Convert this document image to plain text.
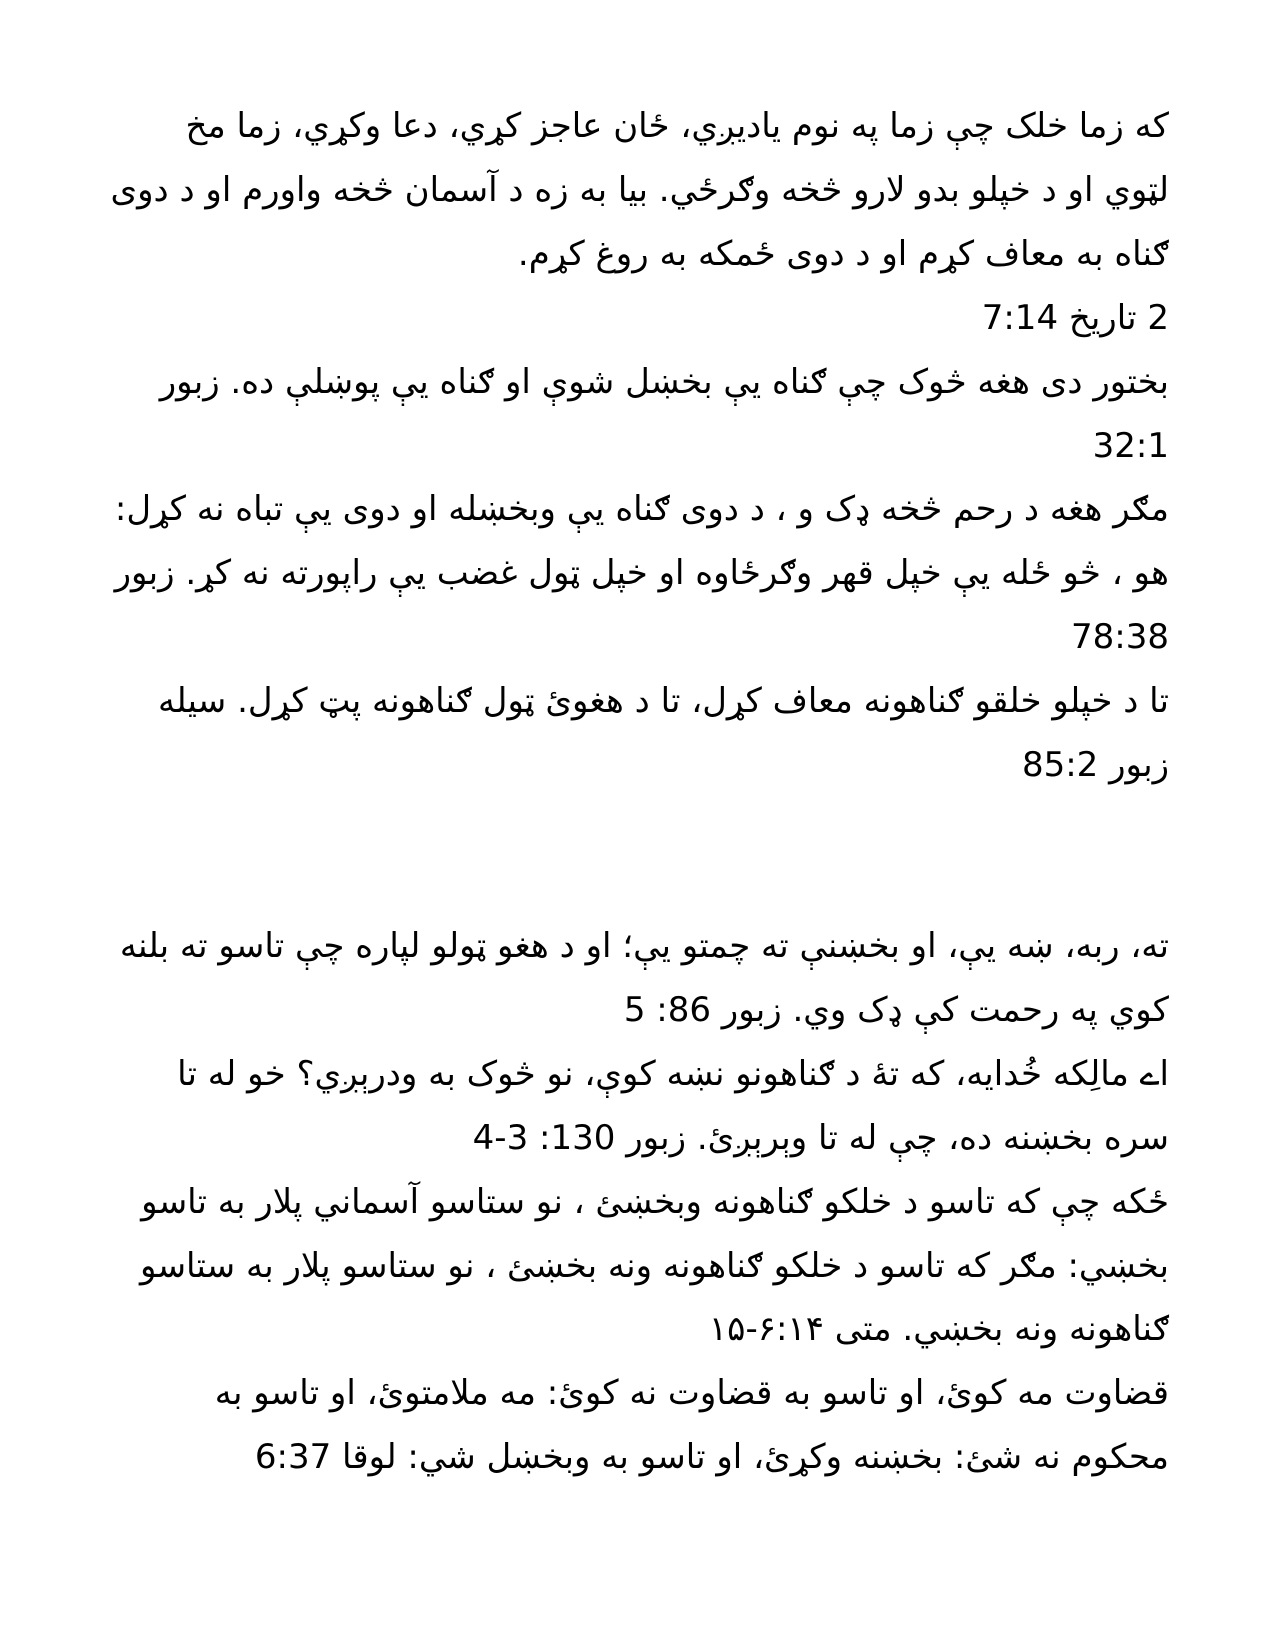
که زما خلک چې زما په نوم یادیږي، ځان عاجز کړي، دعا وکړي، زما مخ لټوي او د خپلو بدو لارو څخه وګرځي. بیا به زه د آسمان څخه واورم او د دوی ګناه به معاف کړم او د دوی ځمکه به روغ کړم.

2 تاریخ 7:14

بختور دی هغه څوک چې ګناه یې بخښل شوې او ګناه یې پوښلې ده. زبور 32:1

مګر هغه د رحم څخه ډک و ، د دوی ګناه یې وبخښله او دوی یې تباه نه کړل: هو ، څو ځله یې خپل قهر وګرځاوه او خپل ټول غضب یې راپورته نه کړ. زبور 78:38

تا د خپلو خلقو ګناهونه معاف کړل، تا د هغوئ ټول ګناهونه پټ کړل. سیله زبور 85:2

ته، ربه، ښه یې، او بخښنې ته چمتو یې؛ او د هغو ټولو لپاره چې تاسو ته بلنه کوي په رحمت کې ډک وي. زبور 86: 5

اے مالِکه خُدایه، که تهٔ د ګناهونو نښه کوې، نو څوک به ودرېږي؟ خو له تا سره بخښنه ده، چې له تا وېرېږئ. زبور 130: 3-4

ځکه چې که تاسو د خلکو ګناهونه وبخښئ ، نو ستاسو آسماني پلار به تاسو بخښي: مګر که تاسو د خلکو ګناهونه ونه بخښئ ، نو ستاسو پلار به ستاسو ګناهونه ونه بخښي. متی ۶:۱۴-۱۵

قضاوت مه کوئ، او تاسو به قضاوت نه کوئ: مه ملامتوئ، او تاسو به محکوم نه شئ: بخښنه وکړئ، او تاسو به وبخښل شي: لوقا 6:37
